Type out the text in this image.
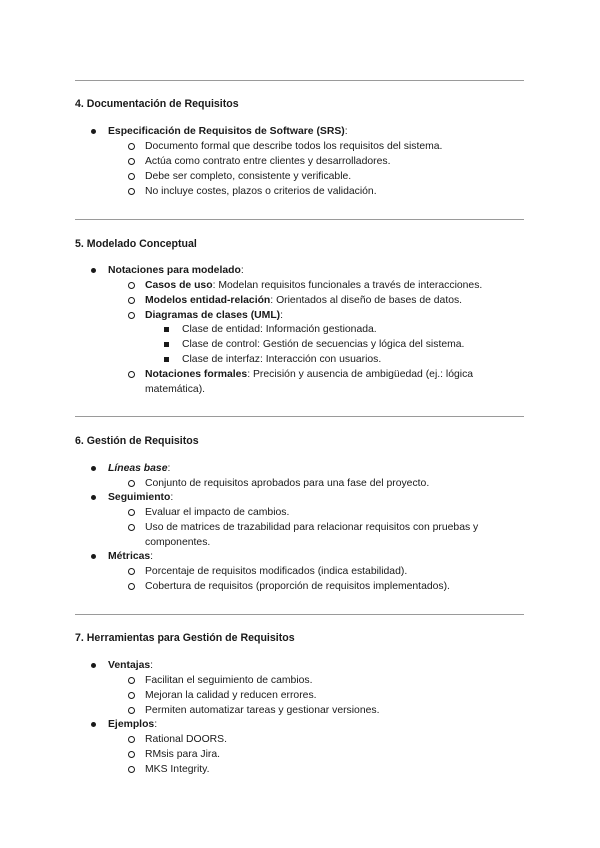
4. Documentación de Requisitos
Especificación de Requisitos de Software (SRS):
Documento formal que describe todos los requisitos del sistema.
Actúa como contrato entre clientes y desarrolladores.
Debe ser completo, consistente y verificable.
No incluye costes, plazos o criterios de validación.
5. Modelado Conceptual
Notaciones para modelado:
Casos de uso: Modelan requisitos funcionales a través de interacciones.
Modelos entidad-relación: Orientados al diseño de bases de datos.
Diagramas de clases (UML):
Clase de entidad: Información gestionada.
Clase de control: Gestión de secuencias y lógica del sistema.
Clase de interfaz: Interacción con usuarios.
Notaciones formales: Precisión y ausencia de ambigüedad (ej.: lógica
matemática).
6. Gestión de Requisitos
Líneas base:
Conjunto de requisitos aprobados para una fase del proyecto.
Seguimiento:
Evaluar el impacto de cambios.
Uso de matrices de trazabilidad para relacionar requisitos con pruebas y
componentes.
Métricas:
Porcentaje de requisitos modificados (indica estabilidad).
Cobertura de requisitos (proporción de requisitos implementados).
7. Herramientas para Gestión de Requisitos
Ventajas:
Facilitan el seguimiento de cambios.
Mejoran la calidad y reducen errores.
Permiten automatizar tareas y gestionar versiones.
Ejemplos:
Rational DOORS.
RMsis para Jira.
MKS Integrity.
